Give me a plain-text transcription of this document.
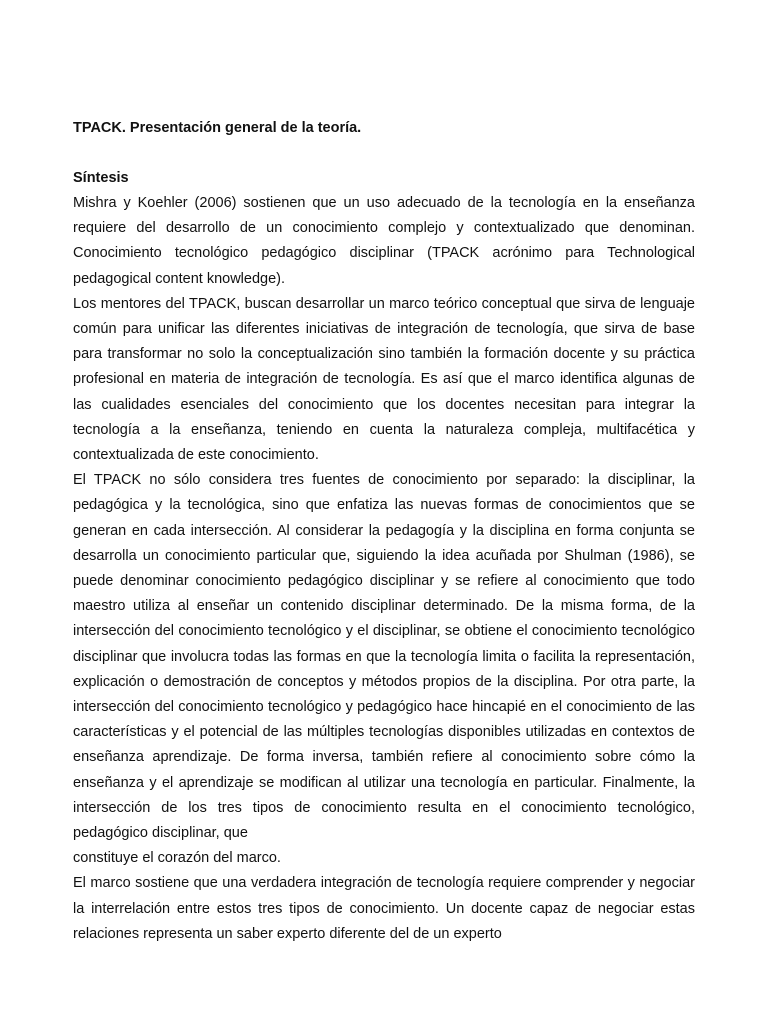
TPACK. Presentación general de la teoría.

Síntesis

Mishra y Koehler (2006) sostienen que un uso adecuado de la tecnología en la enseñanza requiere del desarrollo de un conocimiento complejo y contextualizado que denominan. Conocimiento tecnológico pedagógico disciplinar (TPACK acrónimo para Technological pedagogical content knowledge).

Los mentores del TPACK, buscan desarrollar un marco teórico conceptual que sirva de lenguaje común para unificar las diferentes iniciativas de integración de tecnología, que sirva de base para transformar no solo la conceptualización sino también la formación docente y su práctica profesional en materia de integración de tecnología. Es así que el marco identifica algunas de las cualidades esenciales del conocimiento que los docentes necesitan para integrar la tecnología a la enseñanza, teniendo en cuenta la naturaleza compleja, multifacética y contextualizada de este conocimiento.

El TPACK no sólo considera tres fuentes de conocimiento por separado: la disciplinar, la pedagógica y la tecnológica, sino que enfatiza las nuevas formas de conocimientos que se generan en cada intersección. Al considerar la pedagogía y la disciplina en forma conjunta se desarrolla un conocimiento particular que, siguiendo la idea acuñada por Shulman (1986), se puede denominar conocimiento pedagógico disciplinar y se refiere al conocimiento que todo maestro utiliza al enseñar un contenido disciplinar determinado. De la misma forma, de la intersección del conocimiento tecnológico y el disciplinar, se obtiene el conocimiento tecnológico disciplinar que involucra todas las formas en que la tecnología limita o facilita la representación, explicación o demostración de conceptos y métodos propios de la disciplina. Por otra parte, la intersección del conocimiento tecnológico y pedagógico hace hincapié en el conocimiento de las características y el potencial de las múltiples tecnologías disponibles utilizadas en contextos de enseñanza aprendizaje. De forma inversa, también refiere al conocimiento sobre cómo la enseñanza y el aprendizaje se modifican al utilizar una tecnología en particular. Finalmente, la intersección de los tres tipos de conocimiento resulta en el conocimiento tecnológico, pedagógico disciplinar, que

constituye el corazón del marco.

El marco sostiene que una verdadera integración de tecnología requiere comprender y negociar la interrelación entre estos tres tipos de conocimiento. Un docente capaz de negociar estas relaciones representa un saber experto diferente del de un experto
